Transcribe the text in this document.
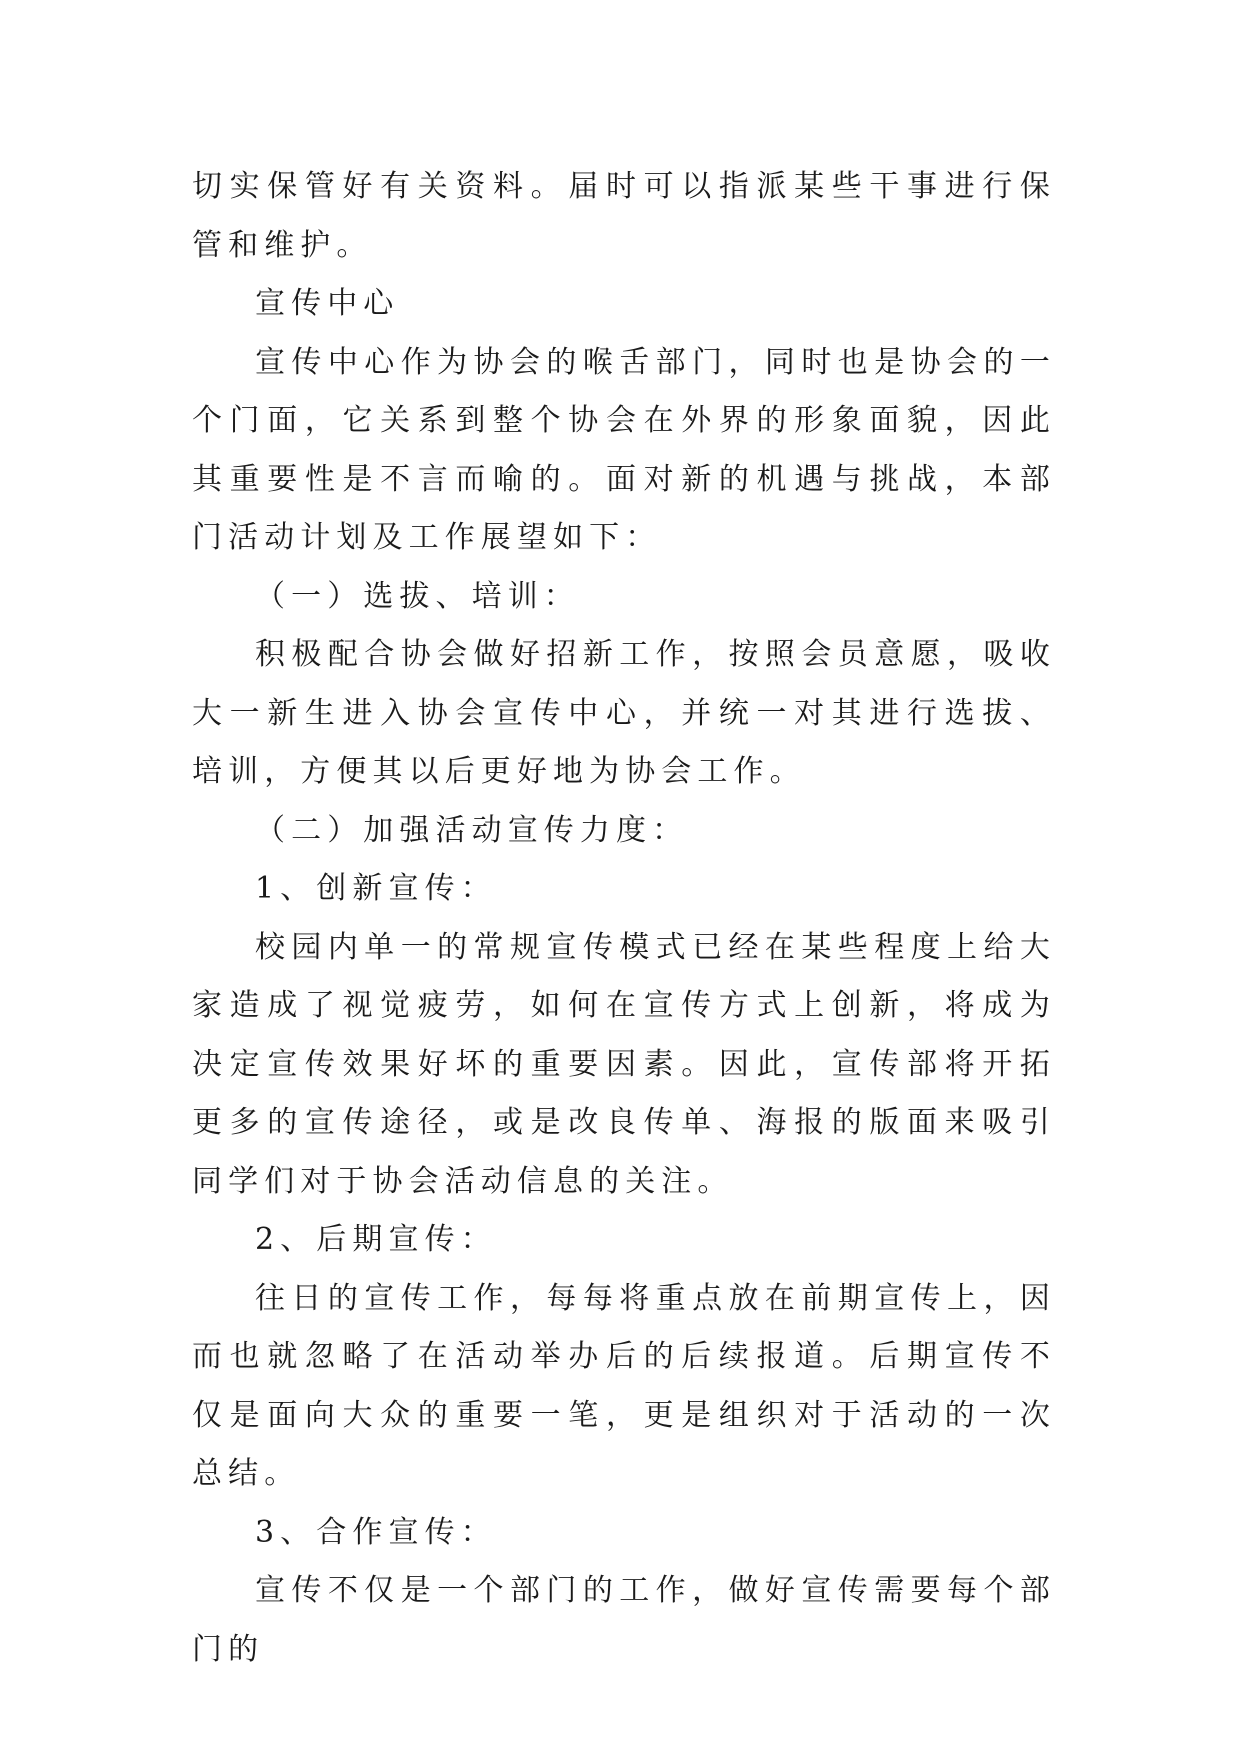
切实保管好有关资料。届时可以指派某些干事进行保管和维护。

宣传中心

宣传中心作为协会的喉舌部门，同时也是协会的一个门面，它关系到整个协会在外界的形象面貌，因此其重要性是不言而喻的。面对新的机遇与挑战，本部门活动计划及工作展望如下：

（一）选拔、培训：

积极配合协会做好招新工作，按照会员意愿，吸收大一新生进入协会宣传中心，并统一对其进行选拔、培训，方便其以后更好地为协会工作。

（二）加强活动宣传力度：

1、创新宣传：

校园内单一的常规宣传模式已经在某些程度上给大家造成了视觉疲劳，如何在宣传方式上创新，将成为决定宣传效果好坏的重要因素。因此，宣传部将开拓更多的宣传途径，或是改良传单、海报的版面来吸引同学们对于协会活动信息的关注。

2、后期宣传：

往日的宣传工作，每每将重点放在前期宣传上，因而也就忽略了在活动举办后的后续报道。后期宣传不仅是面向大众的重要一笔，更是组织对于活动的一次总结。

3、合作宣传：

宣传不仅是一个部门的工作，做好宣传需要每个部门的
